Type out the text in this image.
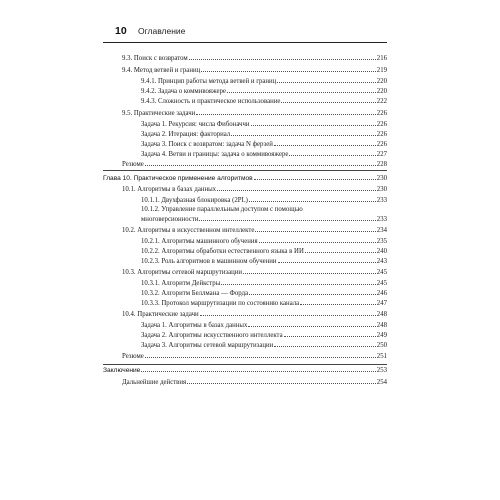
10 Оглавление
9.3. Поиск с возвратом	216
9.4. Метод ветвей и границ	219
9.4.1. Принцип работы метода ветвей и границ	220
9.4.2. Задача о коммивояжере	220
9.4.3. Сложность и практическое использование	222
9.5. Практические задачи	226
Задача 1. Рекурсия: числа Фибоначчи	226
Задача 2. Итерация: факториал	226
Задача 3. Поиск с возвратом: задача N ферзей	226
Задача 4. Ветви и границы: задача о коммивояжере	227
Резюме	228
Глава 10. Практическое применение алгоритмов	230
10.1. Алгоритмы в базах данных	230
10.1.1. Двухфазная блокировка (2PL)	233
10.1.2. Управление параллельным доступом с помощью
многоверсионности	233
10.2. Алгоритмы в искусственном интеллекте	234
10.2.1. Алгоритмы машинного обучения	235
10.2.2. Алгоритмы обработки естественного языка в ИИ	240
10.2.3. Роль алгоритмов в машинном обучении	243
10.3. Алгоритмы сетевой маршрутизации	245
10.3.1. Алгоритм Дейкстры	245
10.3.2. Алгоритм Беллмана — Форда	246
10.3.3. Протокол маршрутизации по состоянию канала	247
10.4. Практические задачи	248
Задача 1. Алгоритмы в базах данных	248
Задача 2. Алгоритмы искусственного интеллекта	249
Задача 3. Алгоритмы сетевой маршрутизации	250
Резюме	251
Заключение	253
Дальнейшие действия	254
